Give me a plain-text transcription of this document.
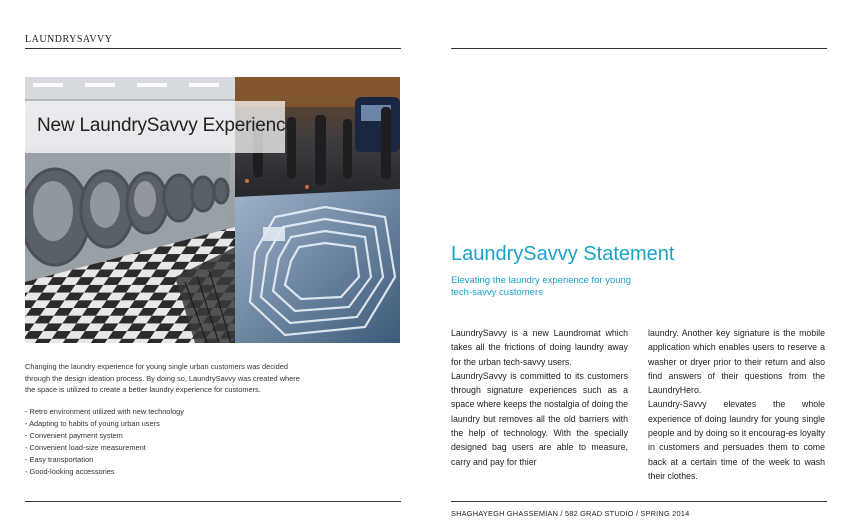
LAUNDRYSAVVY
New LaundrySavvy Experience
Changing the laundry experience for young single urban customers was decided
through the design ideation process. By doing so, LaundrySavvy was created where
the space is utilized to create a better laundry experience for customers.
- Retro environment utilized with new technology
- Adapting to habits of young urban users
- Convenient payment system
- Convenient load-size measurement
- Easy transportation
- Good-looking accessories
LaundrySavvy Statement
Elevating the laundry experience for young tech-savvy customers

LaundrySavvy is a new Laundromat which takes all the frictions of doing laundry away for the urban tech-savvy users.

LaundrySavvy is committed to its customers through signature experiences such as a space where keeps the nostalgia of doing the laundry but removes all the old barriers with the help of technology. With the specially designed bag users are able to measure, carry and pay for thier

laundry. Another key signature is the mobile application which enables users to reserve a washer or dryer prior to their return and also find answers of their questions from the LaundryHero.

Laundry-Savvy elevates the whole experience of doing laundry for young single people and by doing so it encourag-es loyalty in customers and persuades them to come back at a certain time of the week to wash their clothes.

SHAGHAYEGH GHASSEMIAN / 582 GRAD STUDIO / SPRING 2014
